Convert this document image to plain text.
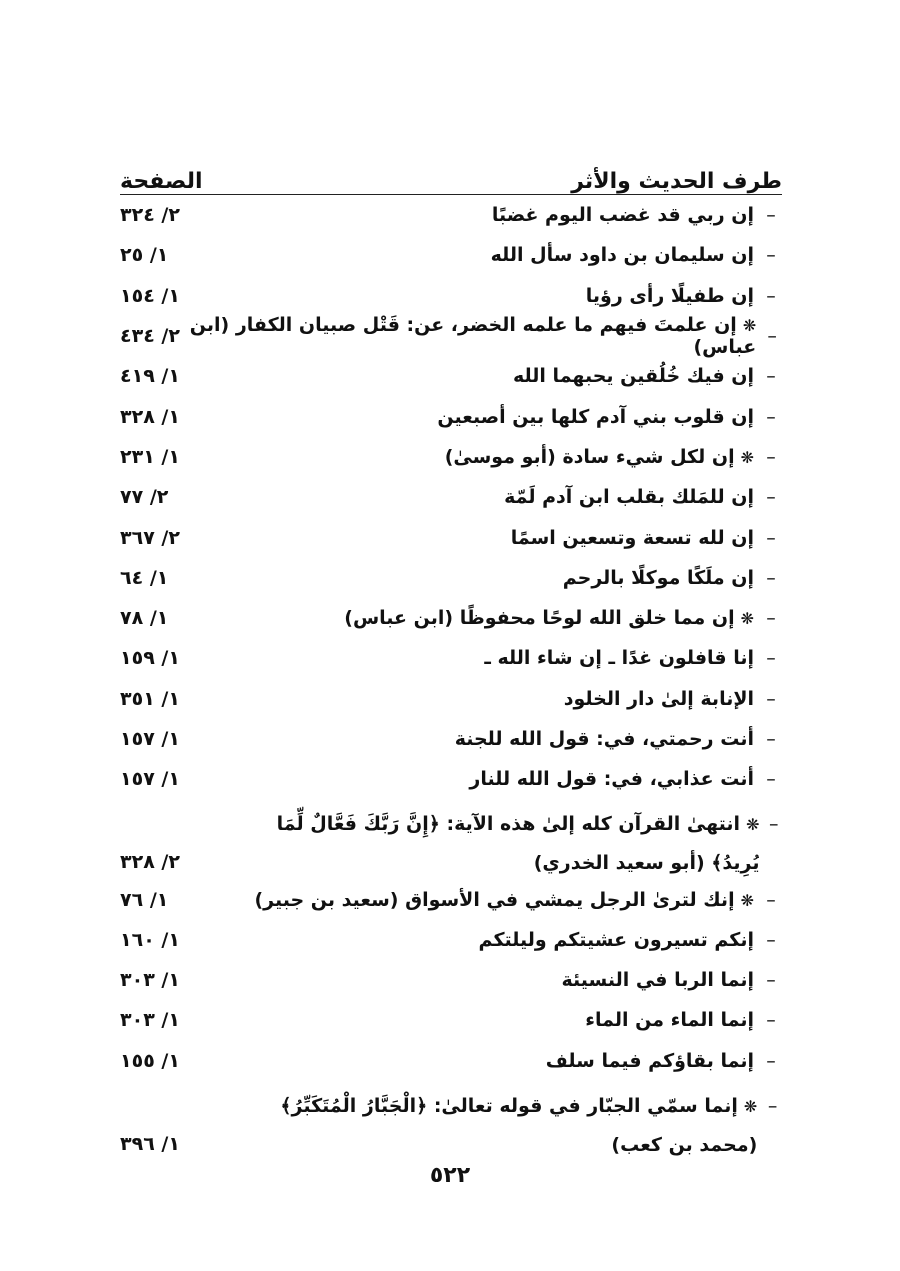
طرف الحديث والأثر
الصفحة
–
إن ربي قد غضب اليوم غضبًا
٢/ ٣٢٤
–
إن سليمان بن داود سأل الله
١/ ٢٥
–
إن طفيلًا رأى رؤيا
١/ ١٥٤
–
❋إن علمتَ فيهم ما علمه الخضر، عن: قَتْل صبيان الكفار (ابن عباس)
٢/ ٤٣٤
–
إن فيك خُلُقين يحبهما الله
١/ ٤١٩
–
إن قلوب بني آدم كلها بين أصبعين
١/ ٣٢٨
–
❋إن لكل شيء سادة (أبو موسىٰ)
١/ ٢٣١
–
إن للمَلك بقلب ابن آدم لَمّة
٢/ ٧٧
–
إن لله تسعة وتسعين اسمًا
٢/ ٣٦٧
–
إن ملَكًا موكلًا بالرحم
١/ ٦٤
–
❋إن مما خلق الله لوحًا محفوظًا (ابن عباس)
١/ ٧٨
–
إنا قافلون غدًا ـ إن شاء الله ـ
١/ ١٥٩
–
الإنابة إلىٰ دار الخلود
١/ ٣٥١
–
أنت رحمتي، في: قول الله للجنة
١/ ١٥٧
–
أنت عذابي، في: قول الله للنار
١/ ١٥٧
–
❋انتهىٰ القرآن كله إلىٰ هذه الآية: ﴿إِنَّ رَبَّكَ فَعَّالٌ لِّمَا يُرِيدُ﴾ (أبو سعيد الخدري)
٢/ ٣٢٨
–
❋إنك لترىٰ الرجل يمشي في الأسواق (سعيد بن جبير)
١/ ٧٦
–
إنكم تسيرون عشيتكم وليلتكم
١/ ١٦٠
–
إنما الربا في النسيئة
١/ ٣٠٣
–
إنما الماء من الماء
١/ ٣٠٣
–
إنما بقاؤكم فيما سلف
١/ ١٥٥
–
❋إنما سمّي الجبّار في قوله تعالىٰ: ﴿الْجَبَّارُ الْمُتَكَبِّرُ﴾ (محمد بن كعب)
١/ ٣٩٦
٥٢٢
